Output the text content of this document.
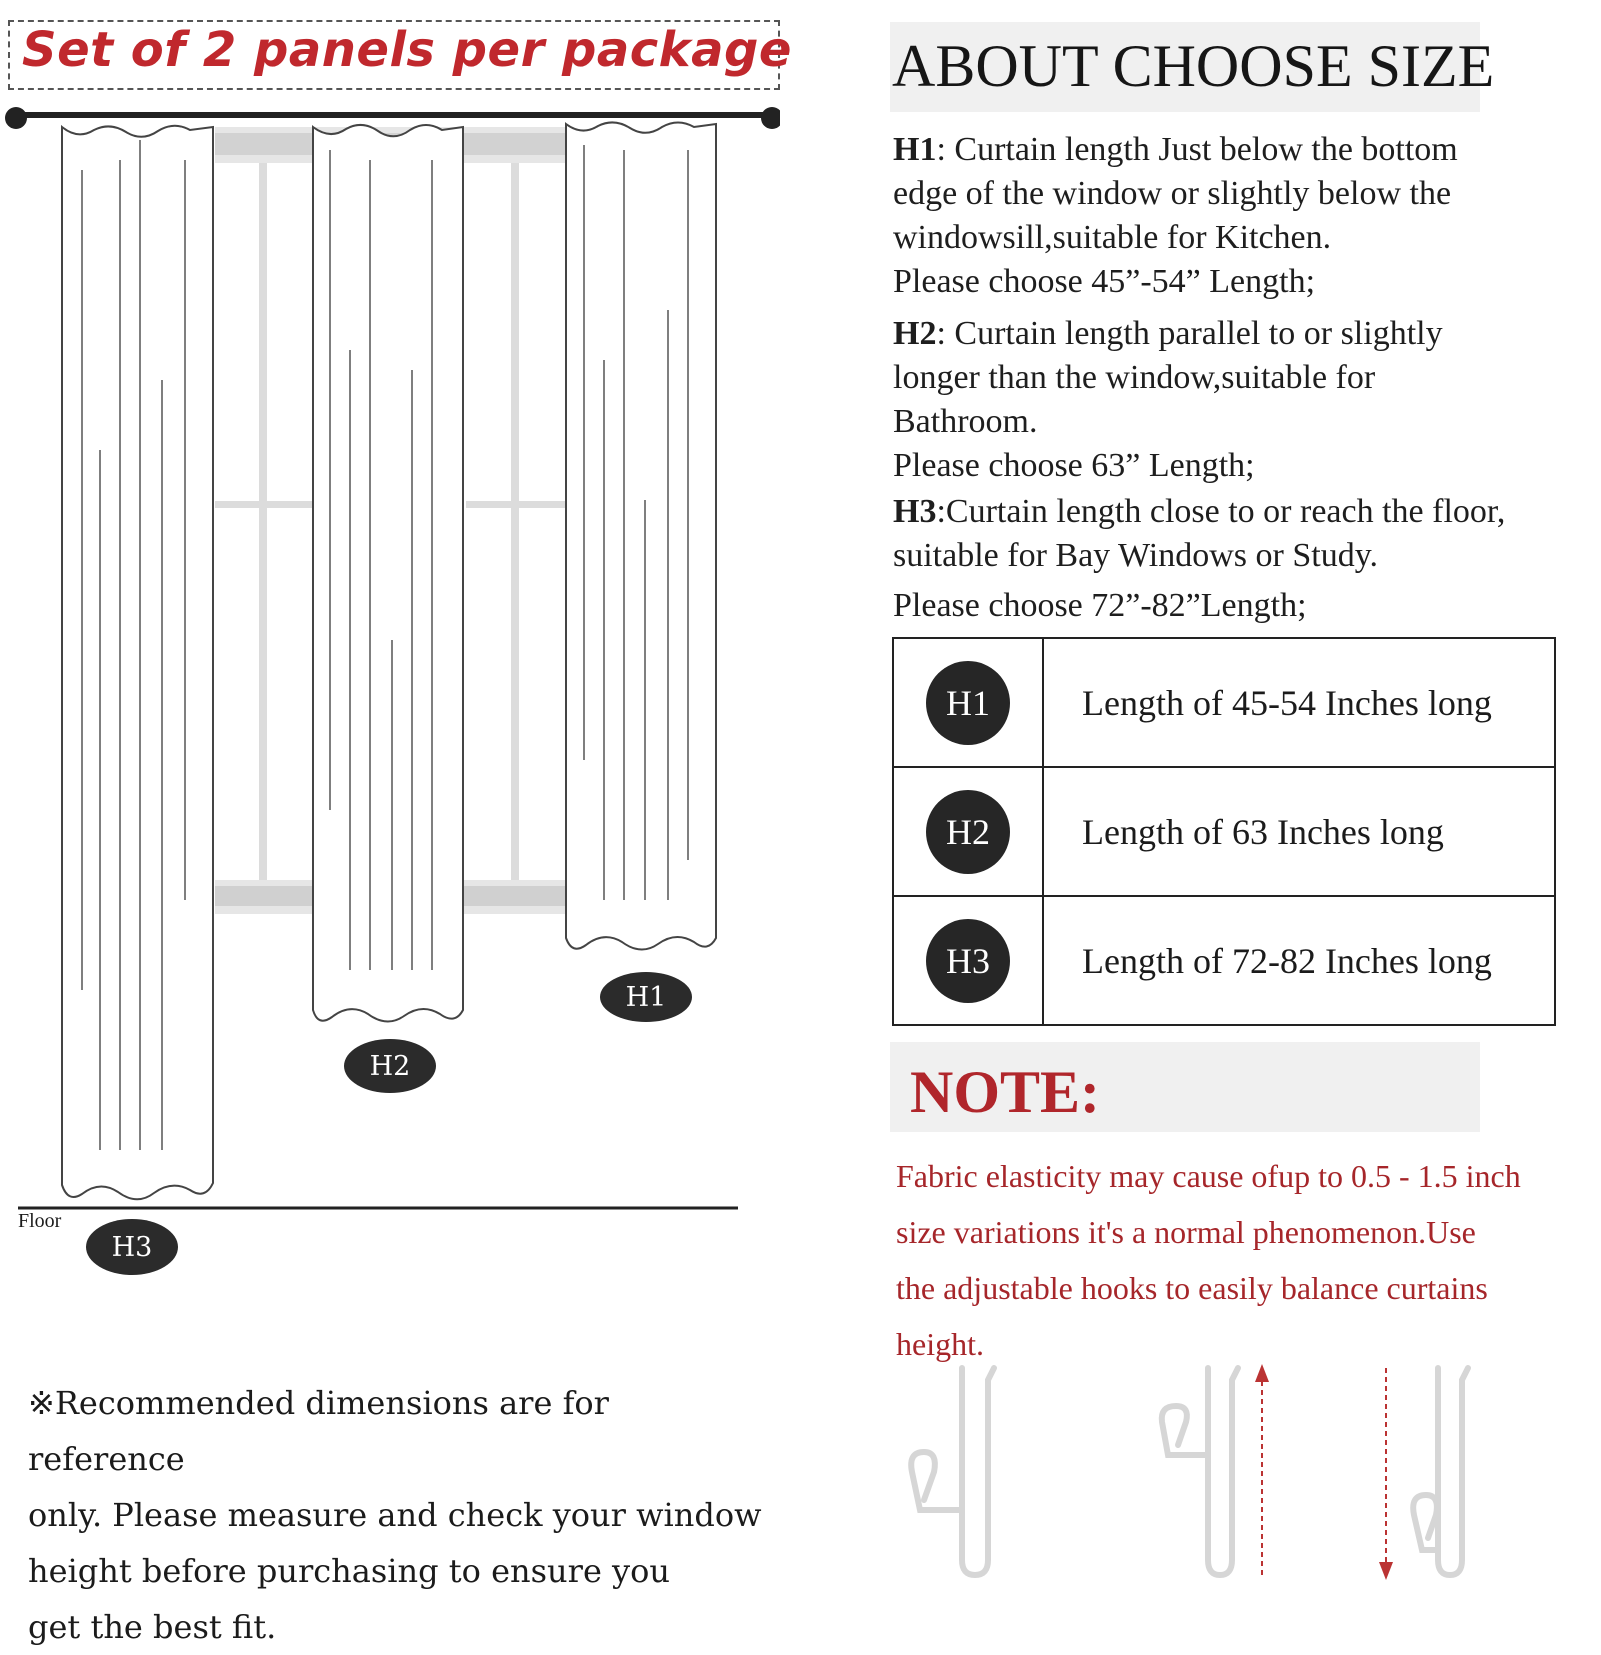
Set of 2 panels per package
H1
H2
H3
Floor
※Recommended dimensions are for reference
only. Please measure and check your window
height before purchasing to ensure you
get the best fit.
ABOUT CHOOSE SIZE
H1: Curtain length Just below the bottom
edge of the window or slightly below the
windowsill,suitable for Kitchen.
Please choose 45”-54” Length;
H2: Curtain length parallel to or slightly
longer than the window,suitable for
Bathroom.
Please choose 63” Length;
H3:Curtain length close to or reach the floor,
suitable for Bay Windows or Study.
Please choose 72”-82”Length;
H1	Length of 45-54 Inches long
H2	Length of 63 Inches long
H3	Length of 72-82 Inches long
NOTE:
Fabric elasticity may cause ofup to 0.5 - 1.5 inch
size variations it's a normal phenomenon.Use
the adjustable hooks to easily balance curtains
height.
